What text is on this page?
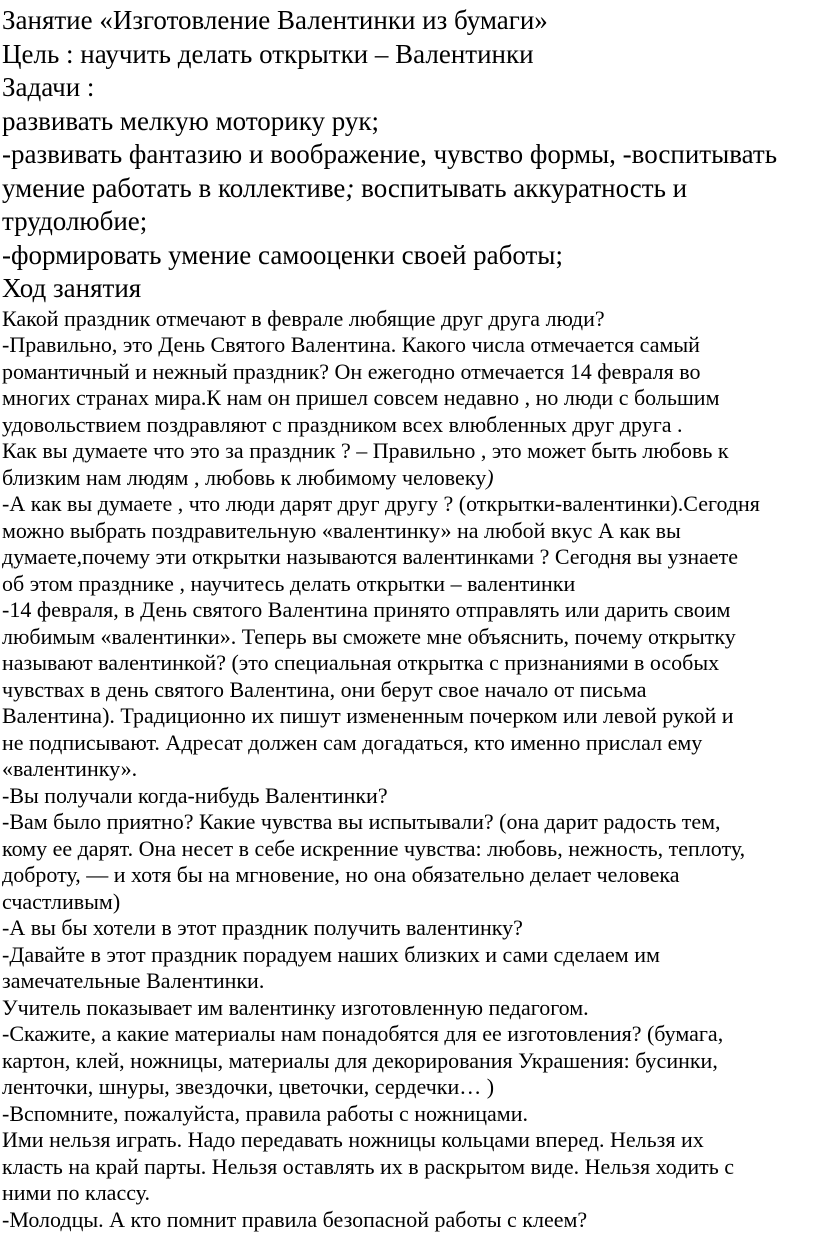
Занятие «Изготовление Валентинки из бумаги»

Цель : научить делать открытки – Валентинки

Задачи :

развивать мелкую моторику рук;

-развивать фантазию и воображение, чувство формы, -воспитывать

умение работать в коллективе; воспитывать аккуратность и

трудолюбие;

-формировать умение самооценки своей работы;

Ход занятия

Какой праздник отмечают в феврале любящие друг друга люди?
-Правильно, это День Святого Валентина. Какого числа отмечается самый
романтичный и нежный праздник? Он ежегодно отмечается 14 февраля во
многих странах мира.К нам он пришел совсем недавно , но люди с большим
удовольствием поздравляют с праздником всех влюбленных друг друга .
Как вы думаете что это за праздник ? – Правильно , это может быть любовь к
близким нам людям , любовь к любимому человеку)
-А как вы думаете , что люди дарят друг другу ? (открытки-валентинки).Сегодня
можно выбрать поздравительную «валентинку» на любой вкус А как вы
думаете,почему эти открытки называются валентинками ? Сегодня вы узнаете
об этом празднике , научитесь делать открытки – валентинки
-14 февраля, в День святого Валентина принято отправлять или дарить своим
любимым «валентинки». Теперь вы сможете мне объяснить, почему открытку
называют валентинкой? (это специальная открытка с признаниями в особых
чувствах в день святого Валентина, они берут свое начало от письма
Валентина). Традиционно их пишут измененным почерком или левой рукой и
не подписывают. Адресат должен сам догадаться, кто именно прислал ему
«валентинку».
-Вы получали когда-нибудь Валентинки?
-Вам было приятно? Какие чувства вы испытывали? (она дарит радость тем,
кому ее дарят. Она несет в себе искренние чувства: любовь, нежность, теплоту,
доброту, — и хотя бы на мгновение, но она обязательно делает человека
счастливым)
-А вы бы хотели в этот праздник получить валентинку?
-Давайте в этот праздник порадуем наших близких и сами сделаем им
замечательные Валентинки.
Учитель показывает им валентинку изготовленную педагогом.
-Скажите, а какие материалы нам понадобятся для ее изготовления? (бумага,
картон, клей, ножницы, материалы для декорирования Украшения: бусинки,
ленточки, шнуры, звездочки, цветочки, сердечки… )
-Вспомните, пожалуйста, правила работы с ножницами.
Ими нельзя играть. Надо передавать ножницы кольцами вперед. Нельзя их
класть на край парты. Нельзя оставлять их в раскрытом виде. Нельзя ходить с
ними по классу.
-Молодцы. А кто помнит правила безопасной работы с клеем?
